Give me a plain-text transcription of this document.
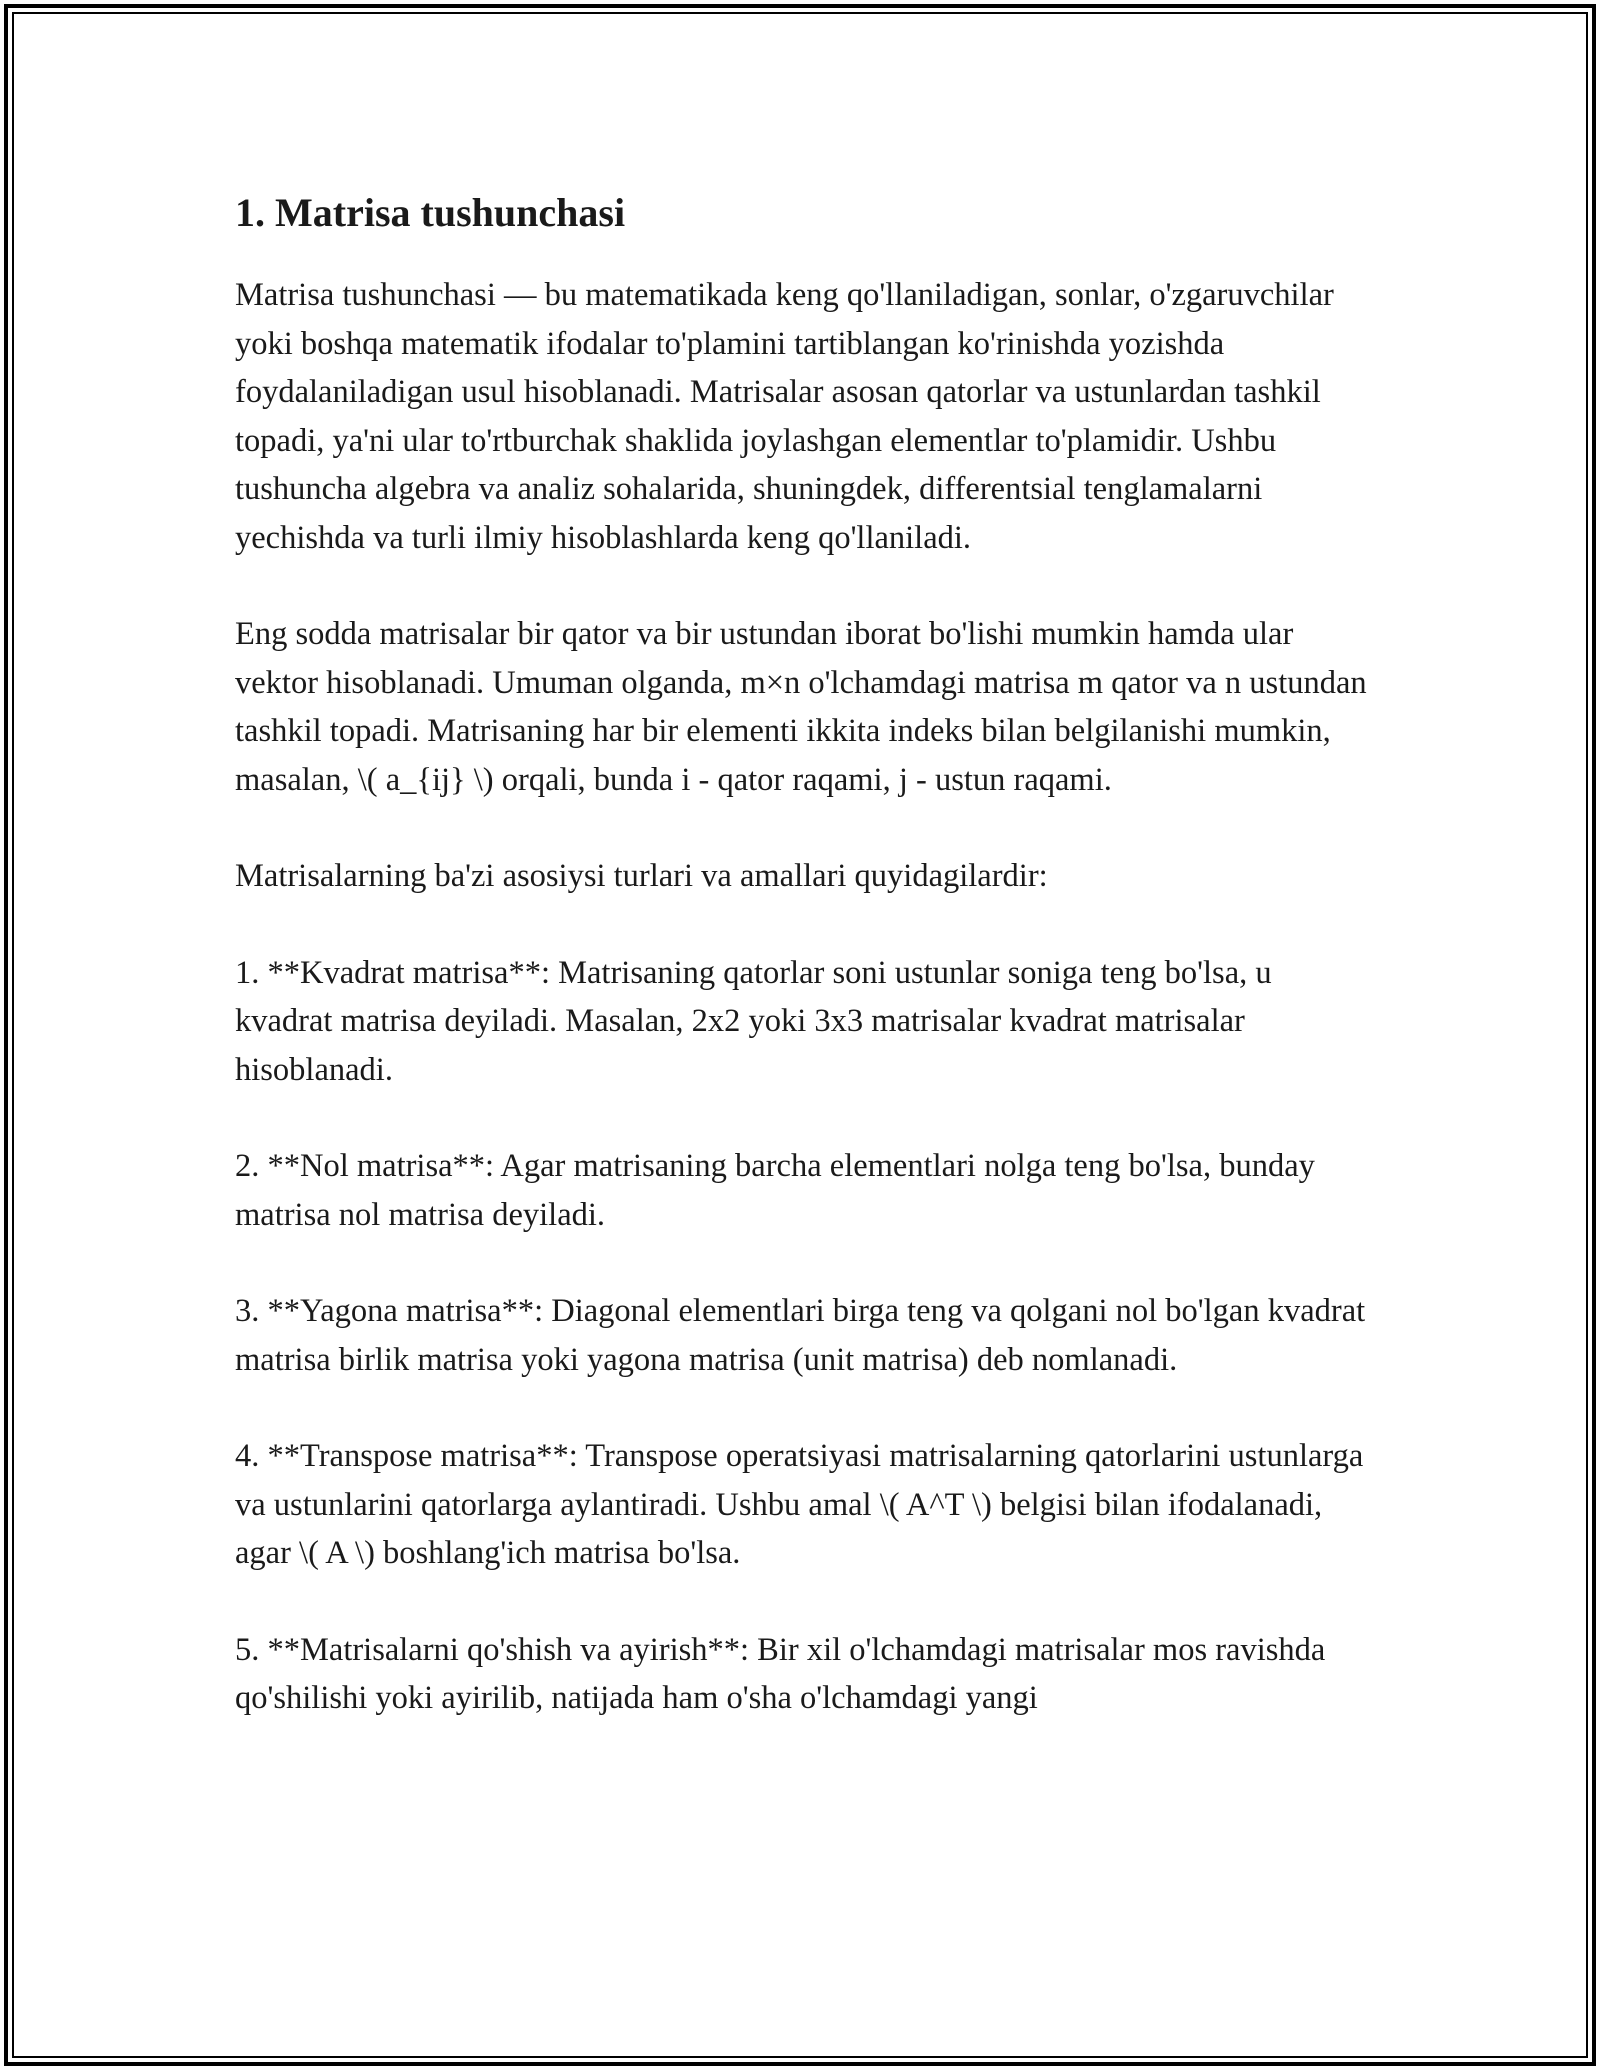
1. Matrisa tushunchasi

Matrisa tushunchasi — bu matematikada keng qo'llaniladigan, sonlar, o'zgaruvchilar yoki boshqa matematik ifodalar to'plamini tartiblangan ko'rinishda yozishda foydalaniladigan usul hisoblanadi. Matrisalar asosan qatorlar va ustunlardan tashkil topadi, ya'ni ular to'rtburchak shaklida joylashgan elementlar to'plamidir. Ushbu tushuncha algebra va analiz sohalarida, shuningdek, differentsial tenglamalarni yechishda va turli ilmiy hisoblashlarda keng qo'llaniladi.

Eng sodda matrisalar bir qator va bir ustundan iborat bo'lishi mumkin hamda ular vektor hisoblanadi. Umuman olganda, m×n o'lchamdagi matrisa m qator va n ustundan tashkil topadi. Matrisaning har bir elementi ikkita indeks bilan belgilanishi mumkin, masalan, \( a_{ij} \) orqali, bunda i - qator raqami, j - ustun raqami.

Matrisalarning ba'zi asosiysi turlari va amallari quyidagilardir:

1. **Kvadrat matrisa**: Matrisaning qatorlar soni ustunlar soniga teng bo'lsa, u kvadrat matrisa deyiladi. Masalan, 2x2 yoki 3x3 matrisalar kvadrat matrisalar hisoblanadi.

2. **Nol matrisa**: Agar matrisaning barcha elementlari nolga teng bo'lsa, bunday matrisa nol matrisa deyiladi.

3. **Yagona matrisa**: Diagonal elementlari birga teng va qolgani nol bo'lgan kvadrat matrisa birlik matrisa yoki yagona matrisa (unit matrisa) deb nomlanadi.

4. **Transpose matrisa**: Transpose operatsiyasi matrisalarning qatorlarini ustunlarga va ustunlarini qatorlarga aylantiradi. Ushbu amal \( A^T \) belgisi bilan ifodalanadi, agar \( A \) boshlang'ich matrisa bo'lsa.

5. **Matrisalarni qo'shish va ayirish**: Bir xil o'lchamdagi matrisalar mos ravishda qo'shilishi yoki ayirilib, natijada ham o'sha o'lchamdagi yangi
